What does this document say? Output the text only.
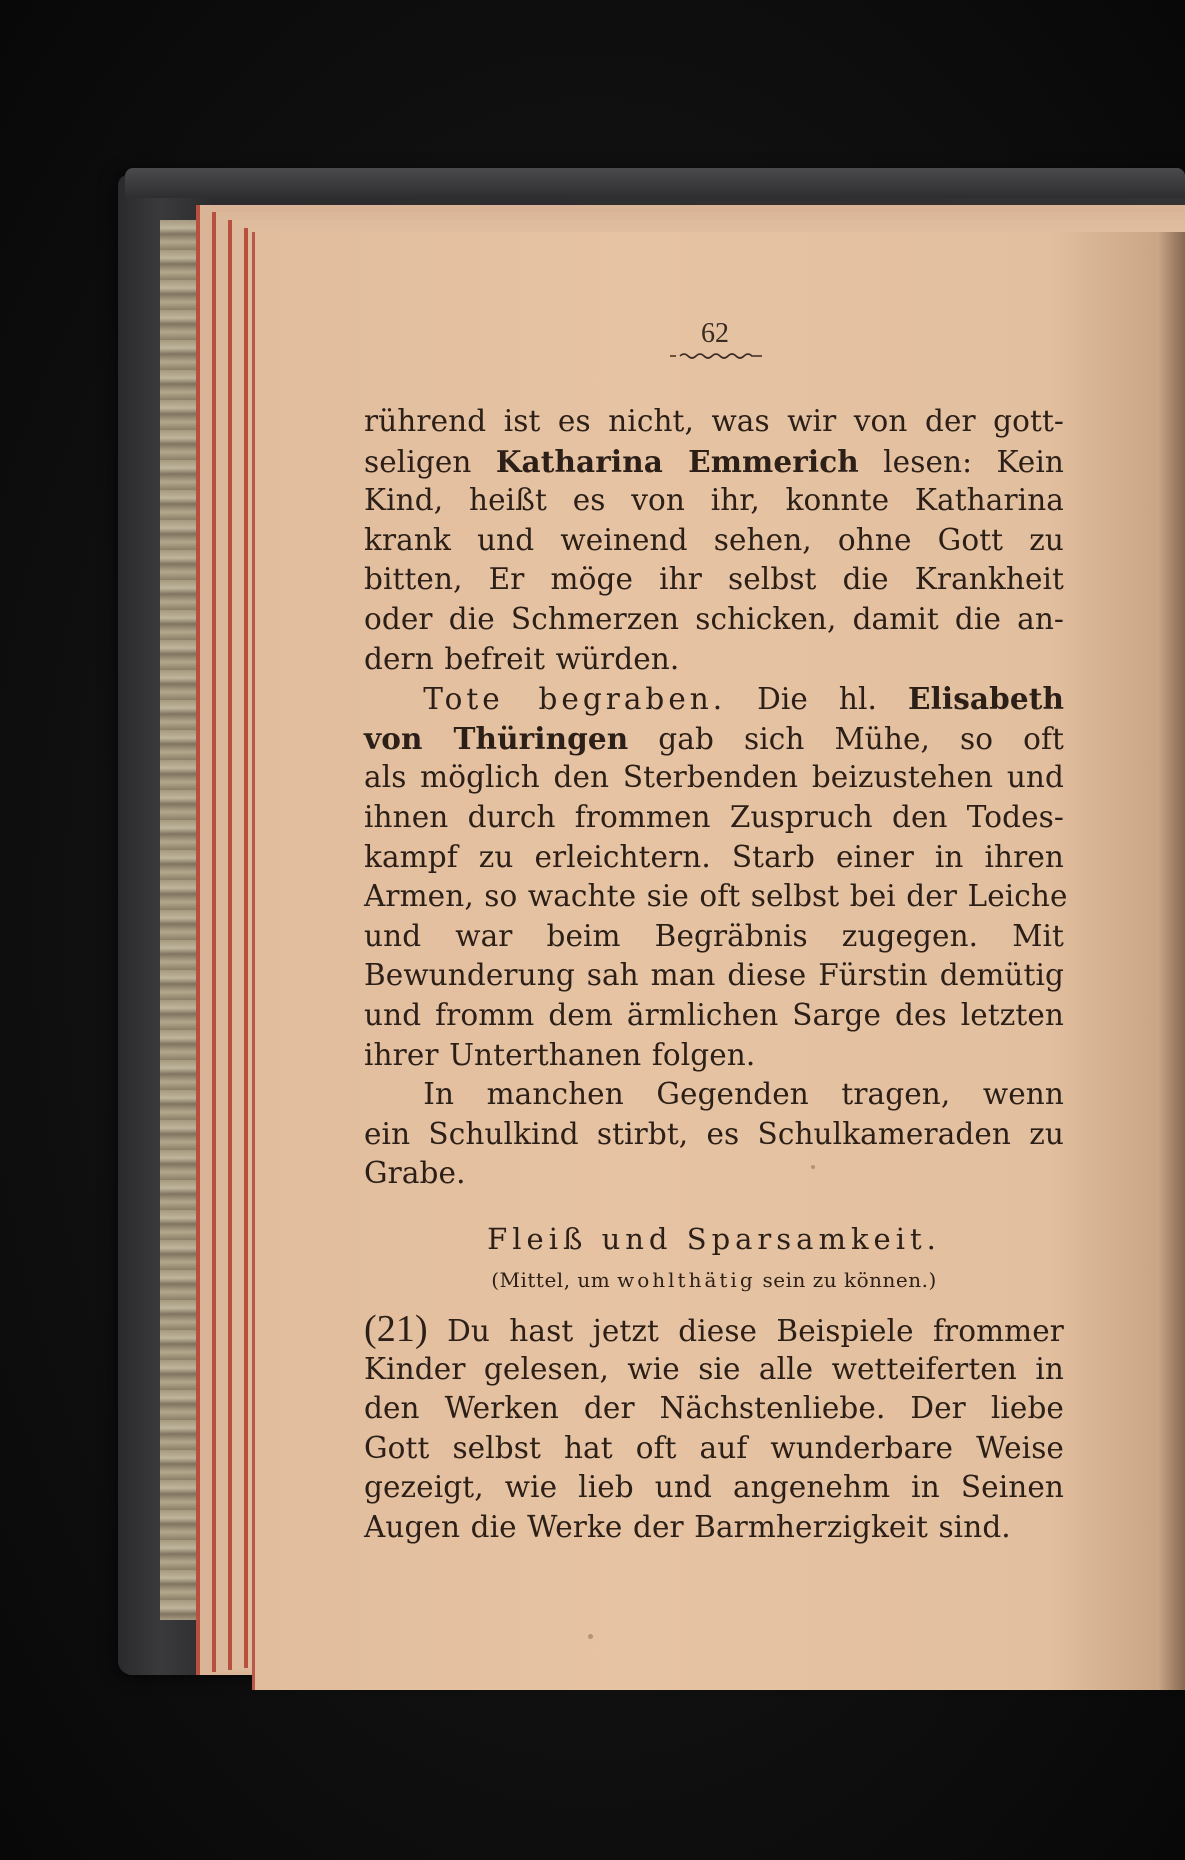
62
rührend ist es nicht, was wir von der gott-
seligen Katharina Emmerich lesen: Kein
Kind, heißt es von ihr, konnte Katharina
krank und weinend sehen, ohne Gott zu
bitten, Er möge ihr selbst die Krankheit
oder die Schmerzen schicken, damit die an-
dern befreit würden.
  Tote begraben. Die hl. Elisabeth
von Thüringen gab sich Mühe, so oft
als möglich den Sterbenden beizustehen und
ihnen durch frommen Zuspruch den Todes-
kampf zu erleichtern. Starb einer in ihren
Armen, so wachte sie oft selbst bei der Leiche
und war beim Begräbnis zugegen. Mit
Bewunderung sah man diese Fürstin demütig
und fromm dem ärmlichen Sarge des letzten
ihrer Unterthanen folgen.
  In manchen Gegenden tragen, wenn
ein Schulkind stirbt, es Schulkameraden zu
Grabe.
Fleiß und Sparsamkeit.
(Mittel, um wohlthätig sein zu können.)
(21) Du hast jetzt diese Beispiele frommer
Kinder gelesen, wie sie alle wetteiferten in
den Werken der Nächstenliebe. Der liebe
Gott selbst hat oft auf wunderbare Weise
gezeigt, wie lieb und angenehm in Seinen
Augen die Werke der Barmherzigkeit sind.
